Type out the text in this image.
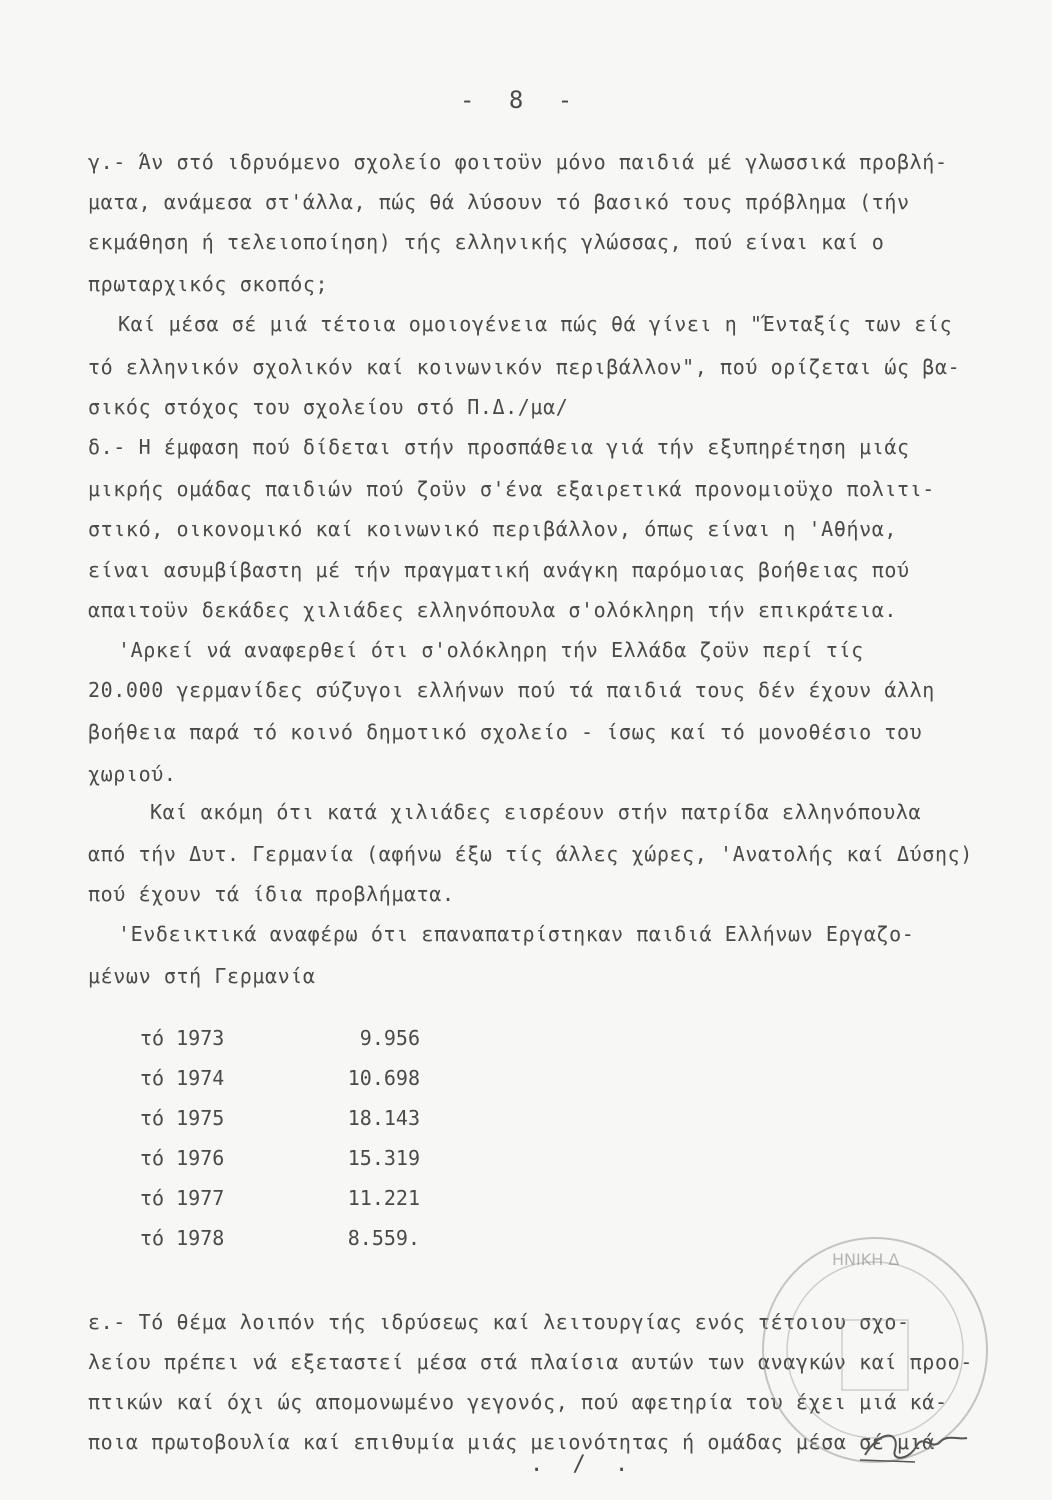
- 8 -
γ.- Άν στό ιδρυόμενο σχολείο φοιτοϋν μόνο παιδιά μέ γλωσσικά προβλή-
ματα, ανάμεσα στ'άλλα, πώς θά λύσουν τό βασικό τους πρόβλημα (τήν
εκμάθηση ή τελειοποίηση) τής ελληνικής γλώσσας, πού είναι καί ο
πρωταρχικός σκοπός;
Καί μέσα σέ μιά τέτοια ομοιογένεια πώς θά γίνει η "Ένταξίς των είς
τό ελληνικόν σχολικόν καί κοινωνικόν περιβάλλον", πού ορίζεται ώς βα-
σικός στόχος του σχολείου στό Π.Δ./μα/
δ.- Η έμφαση πού δίδεται στήν προσπάθεια γιά τήν εξυπηρέτηση μιάς
μικρής ομάδας παιδιών πού ζοϋν σ'ένα εξαιρετικά προνομιοϋχο πολιτι-
στικό, οικονομικό καί κοινωνικό περιβάλλον, όπως είναι η 'Αθήνα,
είναι ασυμβίβαστη μέ τήν πραγματική ανάγκη παρόμοιας βοήθειας πού
απαιτοϋν δεκάδες χιλιάδες ελληνόπουλα σ'ολόκληρη τήν επικράτεια.
'Αρκεί νά αναφερθεί ότι σ'ολόκληρη τήν Ελλάδα ζοϋν περί τίς
20.000 γερμανίδες σύζυγοι ελλήνων πού τά παιδιά τους δέν έχουν άλλη
βοήθεια παρά τό κοινό δημοτικό σχολείο - ίσως καί τό μονοθέσιο του
χωριού.
Καί ακόμη ότι κατά χιλιάδες εισρέουν στήν πατρίδα ελληνόπουλα
από τήν Δυτ. Γερμανία (αφήνω έξω τίς άλλες χώρες, 'Ανατολής καί Δύσης)
πού έχουν τά ίδια προβλήματα.
'Ενδεικτικά αναφέρω ότι επαναπατρίστηκαν παιδιά Ελλήνων Εργαζο-
μένων στή Γερμανία
τό 1973	9.956
τό 1974	10.698
τό 1975	18.143
τό 1976	15.319
τό 1977	11.221
τό 1978	8.559.
ε.- Τό θέμα λοιπόν τής ιδρύσεως καί λειτουργίας ενός τέτοιου σχο-
λείου πρέπει νά εξεταστεί μέσα στά πλαίσια αυτών των αναγκών καί προο-
πτικών καί όχι ώς απομονωμένο γεγονός, πού αφετηρία του έχει μιά κά-
ποια πρωτοβουλία καί επιθυμία μιάς μειονότητας ή ομάδας μέσα σέ μιά
. / .
ΗΝΙΚΗ Δ
